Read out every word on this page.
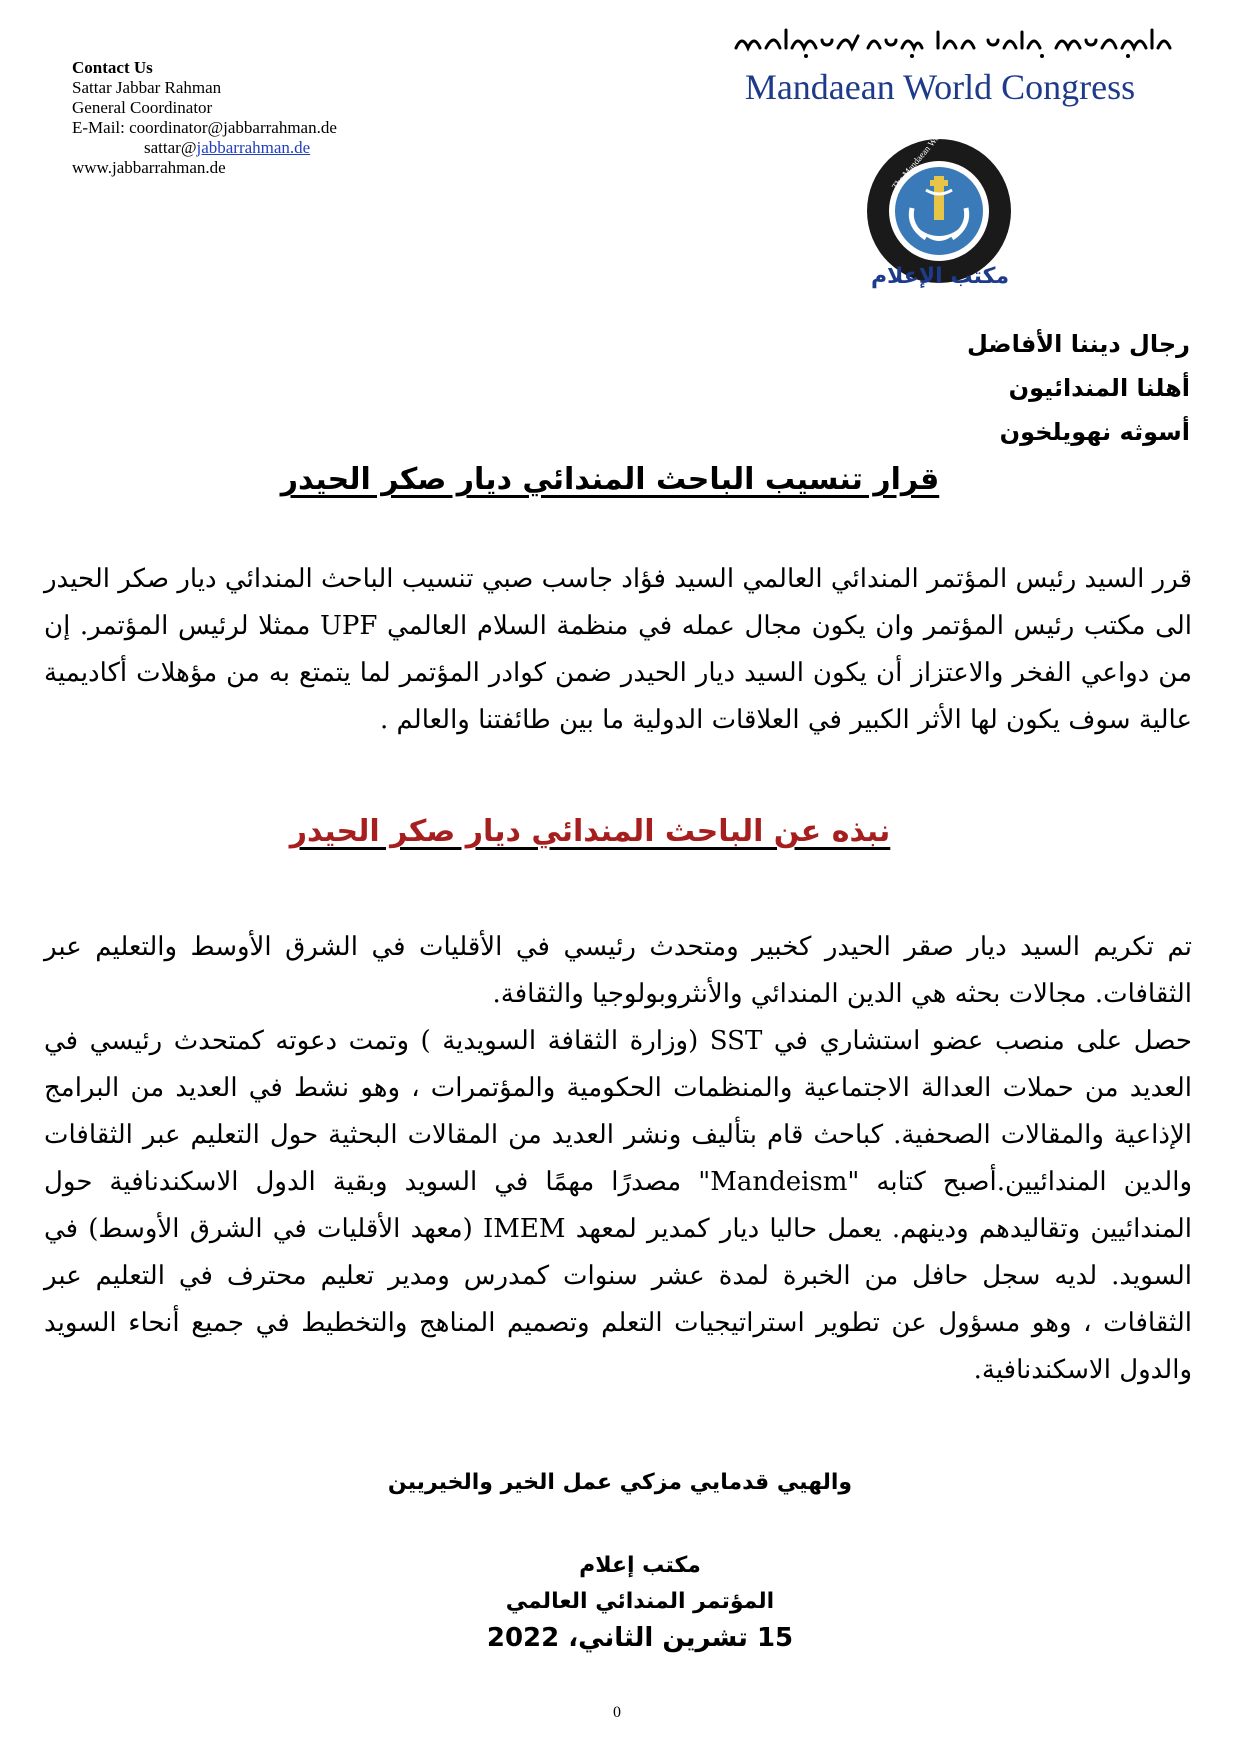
Contact Us
Sattar Jabbar Rahman
General Coordinator
E-Mail: coordinator@jabbarrahman.de
sattar@jabbarrahman.de
www.jabbarrahman.de
Mandaean World Congress
مكتب الإعلام
رجال ديننا الأفاضل
أهلنا المندائيون
أسوثه نهويلخون
قرار تنسيب الباحث المندائي ديار صكر الحيدر
قرر السيد رئيس المؤتمر المندائي العالمي السيد فؤاد جاسب صبي تنسيب الباحث المندائي ديار صكر الحيدر الى مكتب رئيس المؤتمر وان يكون مجال عمله في منظمة السلام العالمي UPF ممثلا لرئيس المؤتمر. إن من دواعي الفخر والاعتزاز أن يكون السيد ديار الحيدر ضمن كوادر المؤتمر لما يتمتع به من مؤهلات أكاديمية عالية سوف يكون لها الأثر الكبير في العلاقات الدولية ما بين طائفتنا والعالم .
نبذه عن الباحث المندائي ديار صكر الحيدر

تم تكريم السيد ديار صقر الحيدر كخبير ومتحدث رئيسي في الأقليات في الشرق الأوسط والتعليم عبر الثقافات. مجالات بحثه هي الدين المندائي والأنثروبولوجيا والثقافة.

حصل على منصب عضو استشاري في SST (وزارة الثقافة السويدية ) وتمت دعوته كمتحدث رئيسي في العديد من حملات العدالة الاجتماعية والمنظمات الحكومية والمؤتمرات ، وهو نشط في العديد من البرامج الإذاعية والمقالات الصحفية. كباحث قام بتأليف ونشر العديد من المقالات البحثية حول التعليم عبر الثقافات والدين المندائيين.أصبح كتابه "Mandeism" مصدرًا مهمًا في السويد وبقية الدول الاسكندنافية حول المندائيين وتقاليدهم ودينهم. يعمل حاليا ديار كمدير لمعهد IMEM (معهد الأقليات في الشرق الأوسط) في السويد. لديه سجل حافل من الخبرة لمدة عشر سنوات كمدرس ومدير تعليم محترف في التعليم عبر الثقافات ، وهو مسؤول عن تطوير استراتيجيات التعلم وتصميم المناهج والتخطيط في جميع أنحاء السويد والدول الاسكندنافية.

والهيي قدمايي مزكي عمل الخير والخيريين
مكتب إعلام
المؤتمر المندائي العالمي
15 تشرين الثاني، 2022
0
